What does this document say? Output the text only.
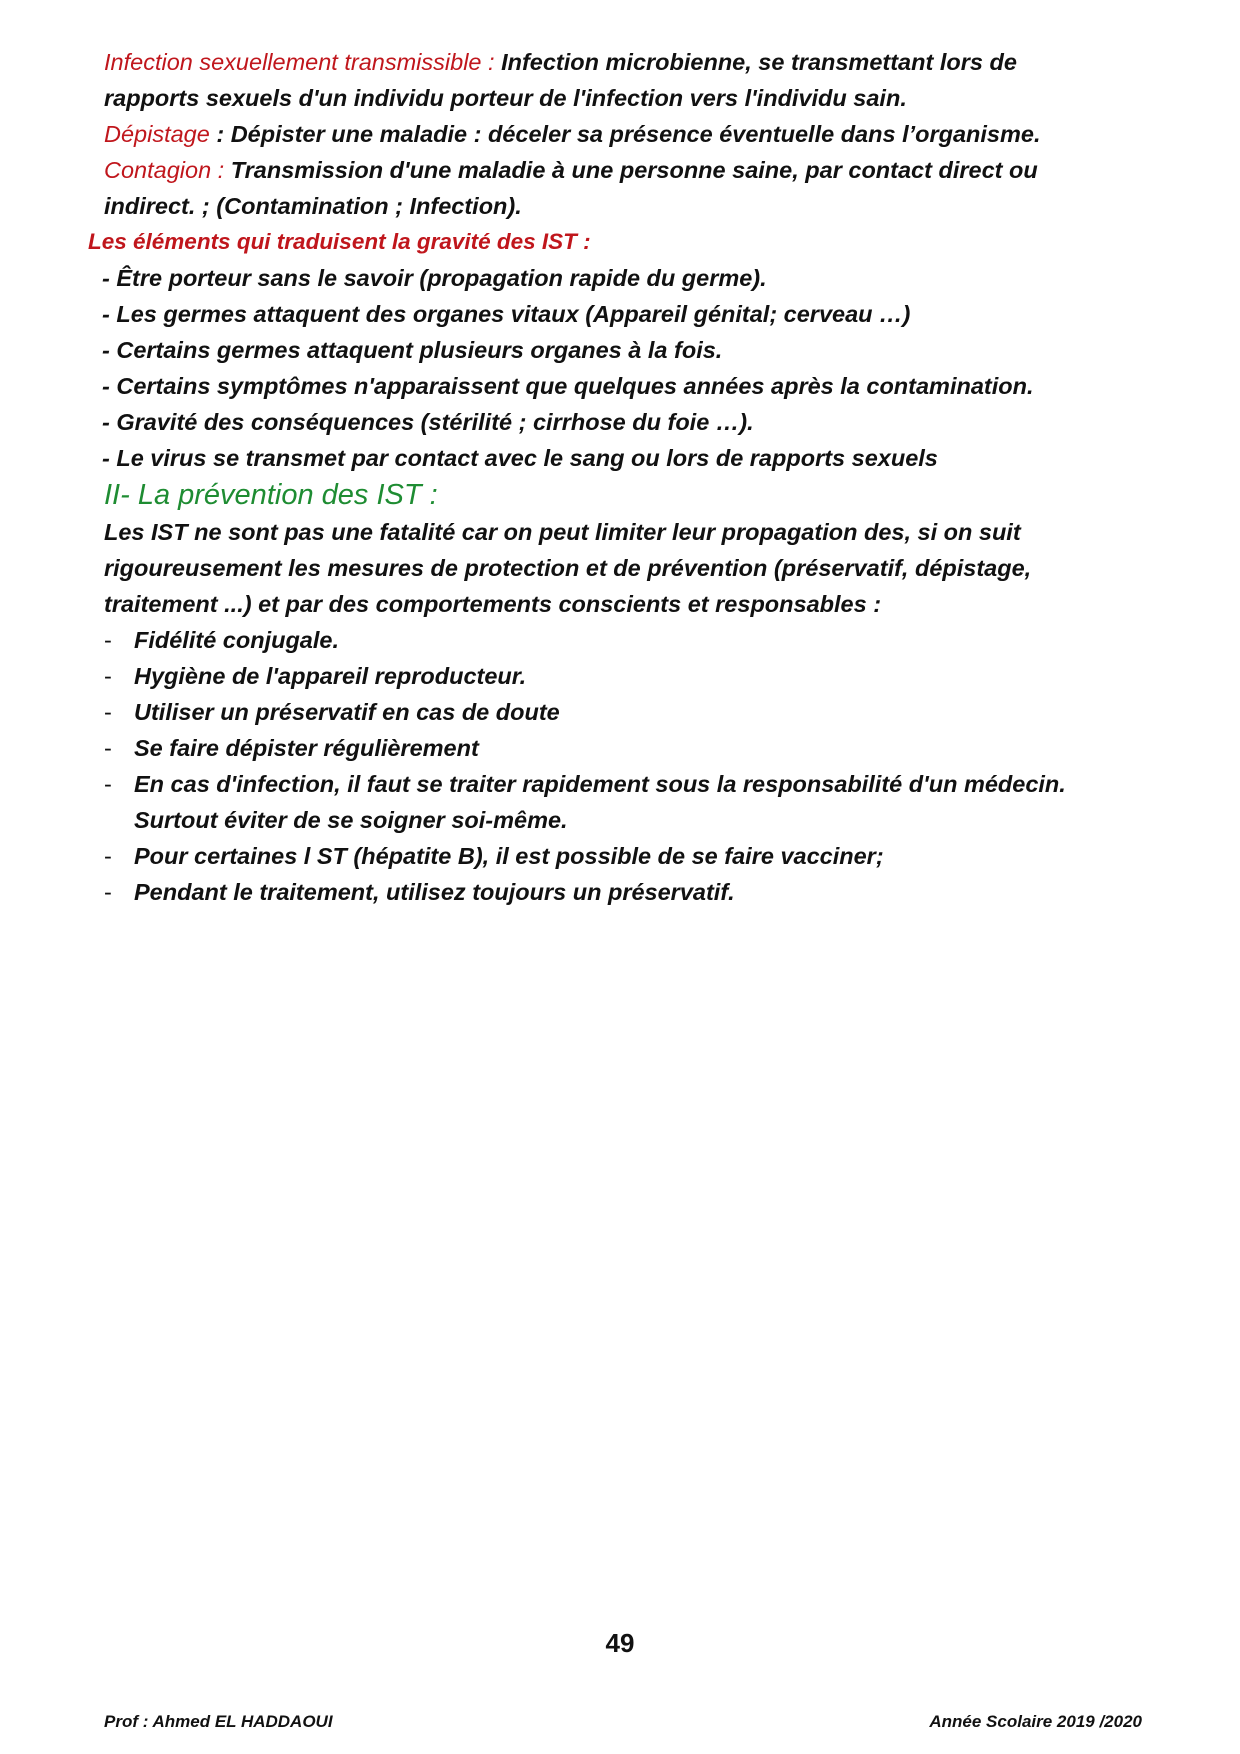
Infection sexuellement transmissible : Infection microbienne, se transmettant lors de
rapports sexuels d'un individu porteur de l'infection vers l'individu sain.
Dépistage : Dépister une maladie : déceler sa présence éventuelle dans l’organisme.
Contagion : Transmission d'une maladie à une personne saine, par contact direct ou
indirect. ; (Contamination ; Infection).
Les éléments qui traduisent la gravité des IST :
- Être porteur sans le savoir (propagation rapide du germe).
- Les germes attaquent des organes vitaux (Appareil génital; cerveau …)
- Certains germes attaquent plusieurs organes à la fois.
- Certains symptômes n'apparaissent que quelques années après la contamination.
- Gravité des conséquences (stérilité ; cirrhose du foie …).
- Le virus se transmet par contact avec le sang ou lors de rapports sexuels
II- La prévention des IST :
Les IST ne sont pas une fatalité car on peut limiter leur propagation des, si on suit
rigoureusement les mesures de protection et de prévention (préservatif, dépistage,
traitement ...) et par des comportements conscients et responsables :
- Fidélité conjugale.
- Hygiène de l'appareil reproducteur.
- Utiliser un préservatif en cas de doute
- Se faire dépister régulièrement
- En cas d'infection, il faut se traiter rapidement sous la responsabilité d'un médecin.
Surtout éviter de se soigner soi-même.
- Pour certaines l ST (hépatite B), il est possible de se faire vacciner;
- Pendant le traitement, utilisez toujours un préservatif.
49
Prof : Ahmed EL HADDAOUI	Année Scolaire 2019 /2020
